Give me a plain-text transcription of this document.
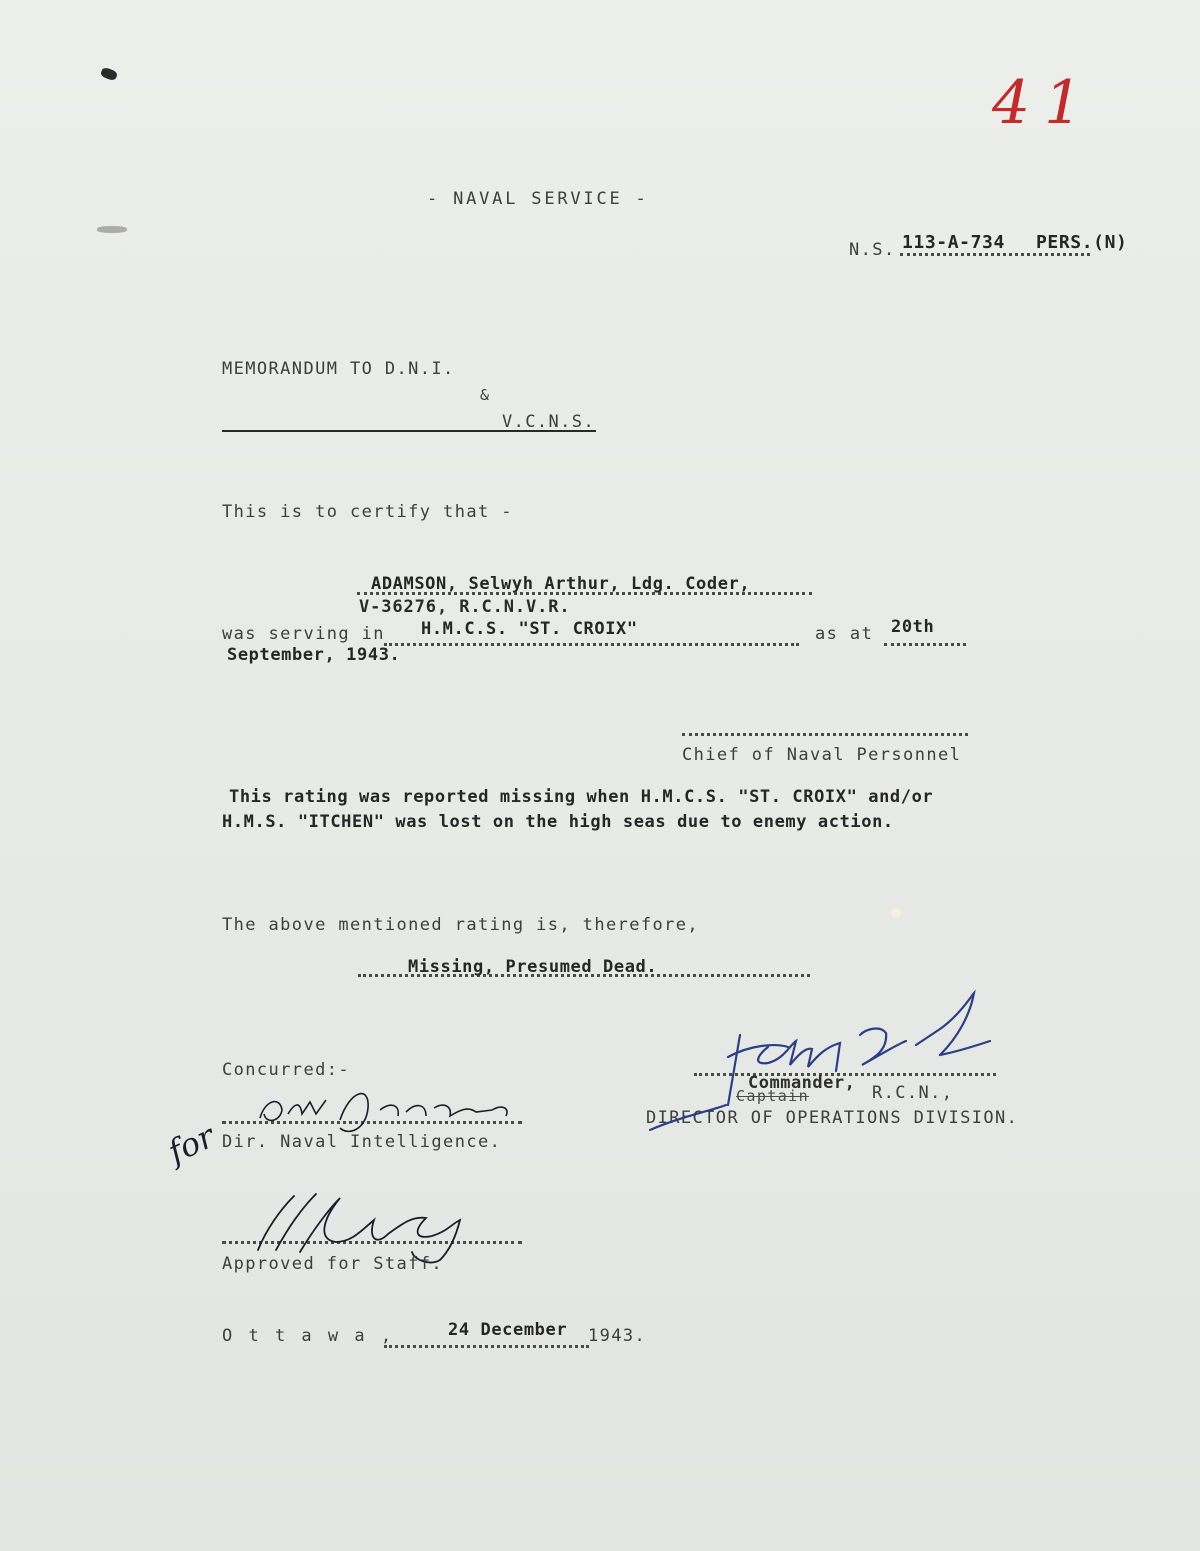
41
- NAVAL SERVICE -
N.S. 113-A-734 PERS.(N)
MEMORANDUM TO D.N.I.
&
V.C.N.S.
This is to certify that -
ADAMSON, Selwyh Arthur, Ldg. Coder,
V-36276, R.C.N.V.R.
was serving in H.M.C.S. "ST. CROIX"	as at 20th
September, 1943.
Chief of Naval Personnel
This rating was reported missing when H.M.C.S. "ST. CROIX" and/or
H.M.S. "ITCHEN" was lost on the high seas due to enemy action.
The above mentioned rating is, therefore,
Missing, Presumed Dead.
Concurred:-
for Dir. Naval Intelligence.
Commander,
Captain	R.C.N.,
DIRECTOR OF OPERATIONS DIVISION.
Approved for Staff.
O t t a w a ,	24 December 1943.
